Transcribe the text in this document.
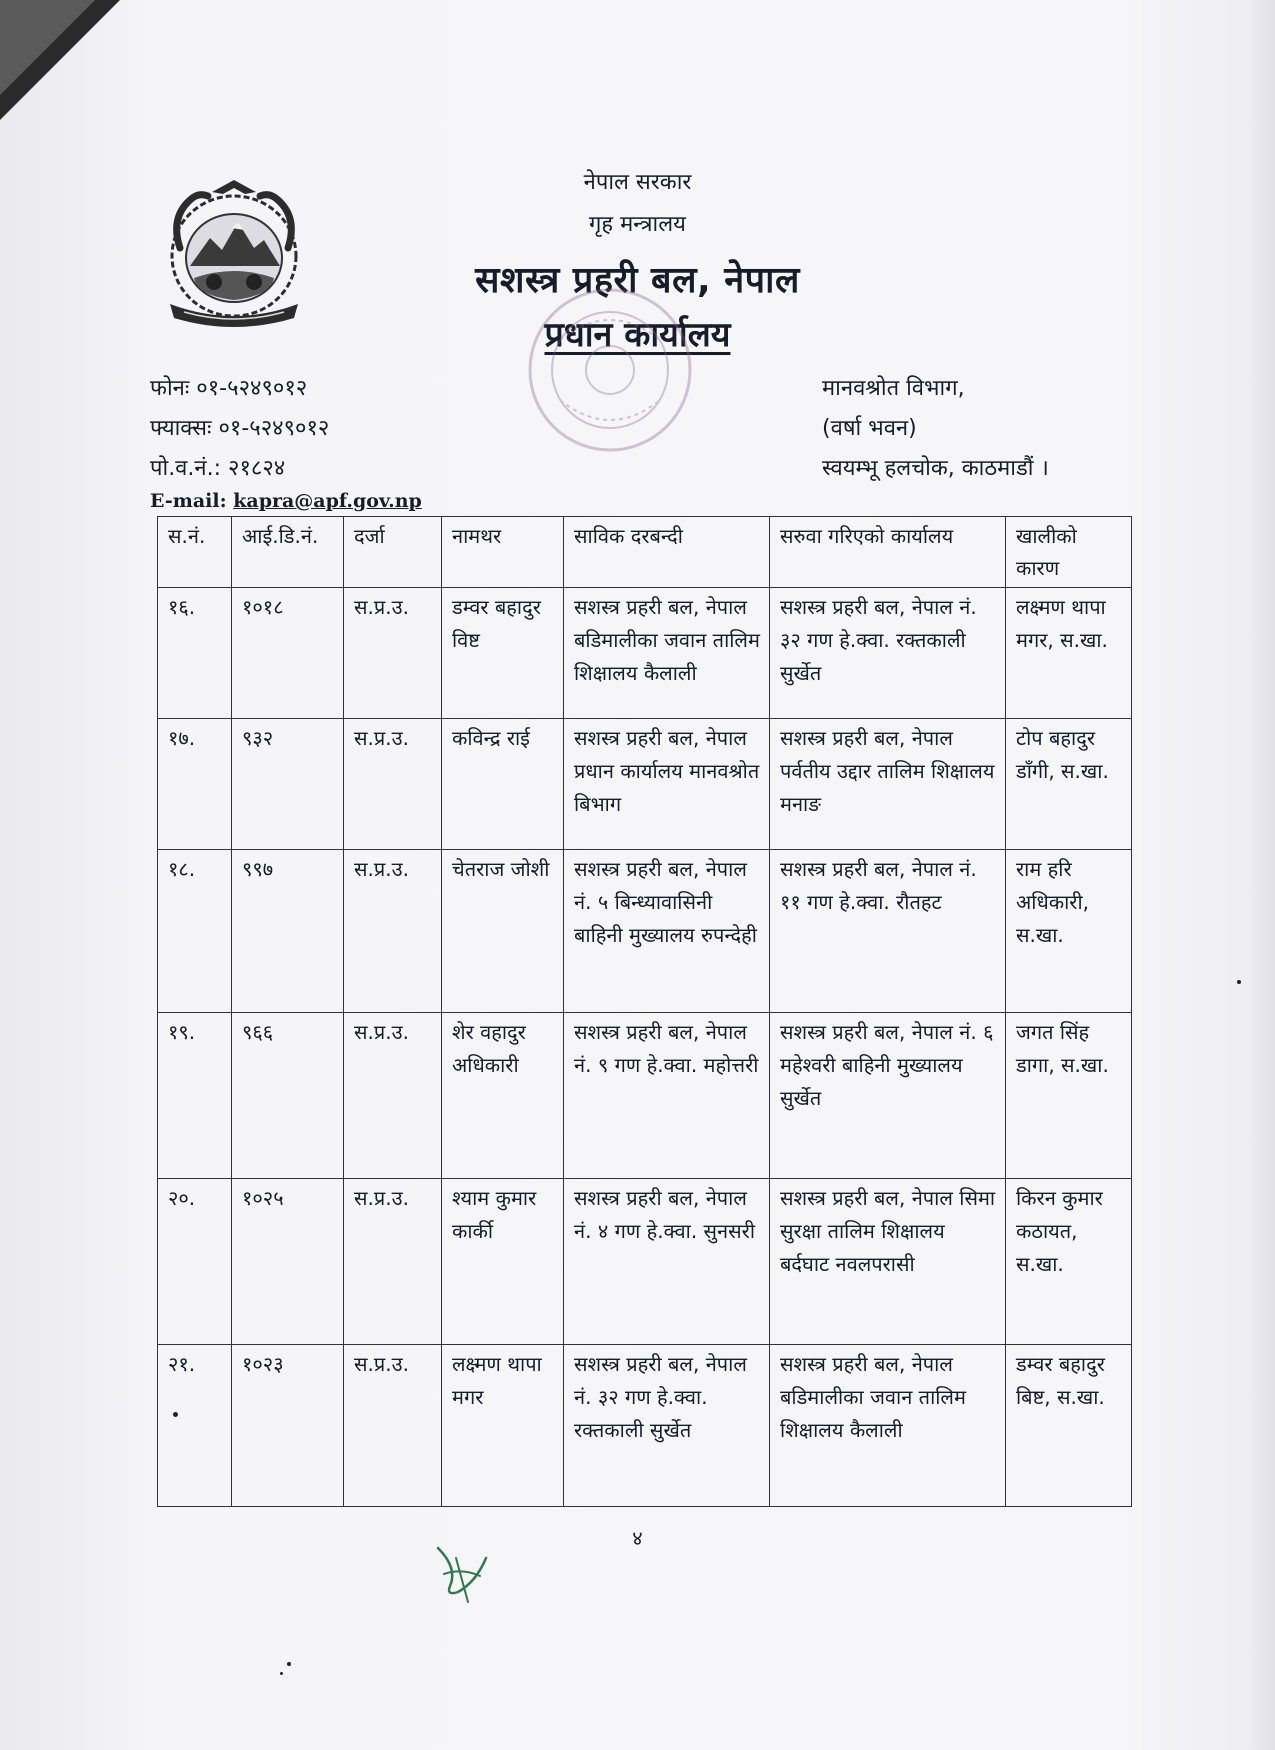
नेपाल सरकार
गृह मन्त्रालय
सशस्त्र प्रहरी बल, नेपाल
प्रधान कार्यालय
फोनः ०१-५२४९०१२
फ्याक्सः ०१-५२४९०१२
पो.व.नं.: २१८२४
E-mail: kapra@apf.gov.np
मानवश्रोत विभाग,
(वर्षा भवन)
स्वयम्भू हलचोक, काठमाडौं ।
स.नं.	आई.डि.नं.	दर्जा	नामथर	साविक दरबन्दी	सरुवा गरिएको कार्यालय	खालीको कारण
१६.	१०१८	स.प्र.उ.	डम्वर बहादुर विष्ट	सशस्त्र प्रहरी बल, नेपाल बडिमालीका जवान तालिम शिक्षालय कैलाली	सशस्त्र प्रहरी बल, नेपाल नं. ३२ गण हे.क्वा. रक्तकाली सुर्खेत	लक्ष्मण थापा मगर, स.खा.
१७.	९३२	स.प्र.उ.	कविन्द्र राई	सशस्त्र प्रहरी बल, नेपाल प्रधान कार्यालय मानवश्रोत बिभाग	सशस्त्र प्रहरी बल, नेपाल पर्वतीय उद्दार तालिम शिक्षालय मनाङ	टोप बहादुर डाँगी, स.खा.
१८.	९९७	स.प्र.उ.	चेतराज जोशी	सशस्त्र प्रहरी बल, नेपाल नं. ५ बिन्ध्यावासिनी बाहिनी मुख्यालय रुपन्देही	सशस्त्र प्रहरी बल, नेपाल नं. ११ गण हे.क्वा. रौतहट	राम हरि अधिकारी, स.खा.
१९.	९६६	स.प्र.उ.	शेर वहादुर अधिकारी	सशस्त्र प्रहरी बल, नेपाल नं. ९ गण हे.क्वा. महोत्तरी	सशस्त्र प्रहरी बल, नेपाल नं. ६ महेश्वरी बाहिनी मुख्यालय सुर्खेत	जगत सिंह डागा, स.खा.
२०.	१०२५	स.प्र.उ.	श्याम कुमार कार्की	सशस्त्र प्रहरी बल, नेपाल नं. ४ गण हे.क्वा. सुनसरी	सशस्त्र प्रहरी बल, नेपाल सिमा सुरक्षा तालिम शिक्षालय बर्दघाट नवलपरासी	किरन कुमार कठायत, स.खा.
२१.	१०२३	स.प्र.उ.	लक्ष्मण थापा मगर	सशस्त्र प्रहरी बल, नेपाल नं. ३२ गण हे.क्वा. रक्तकाली सुर्खेत	सशस्त्र प्रहरी बल, नेपाल बडिमालीका जवान तालिम शिक्षालय कैलाली	डम्वर बहादुर बिष्ट, स.खा.
४
